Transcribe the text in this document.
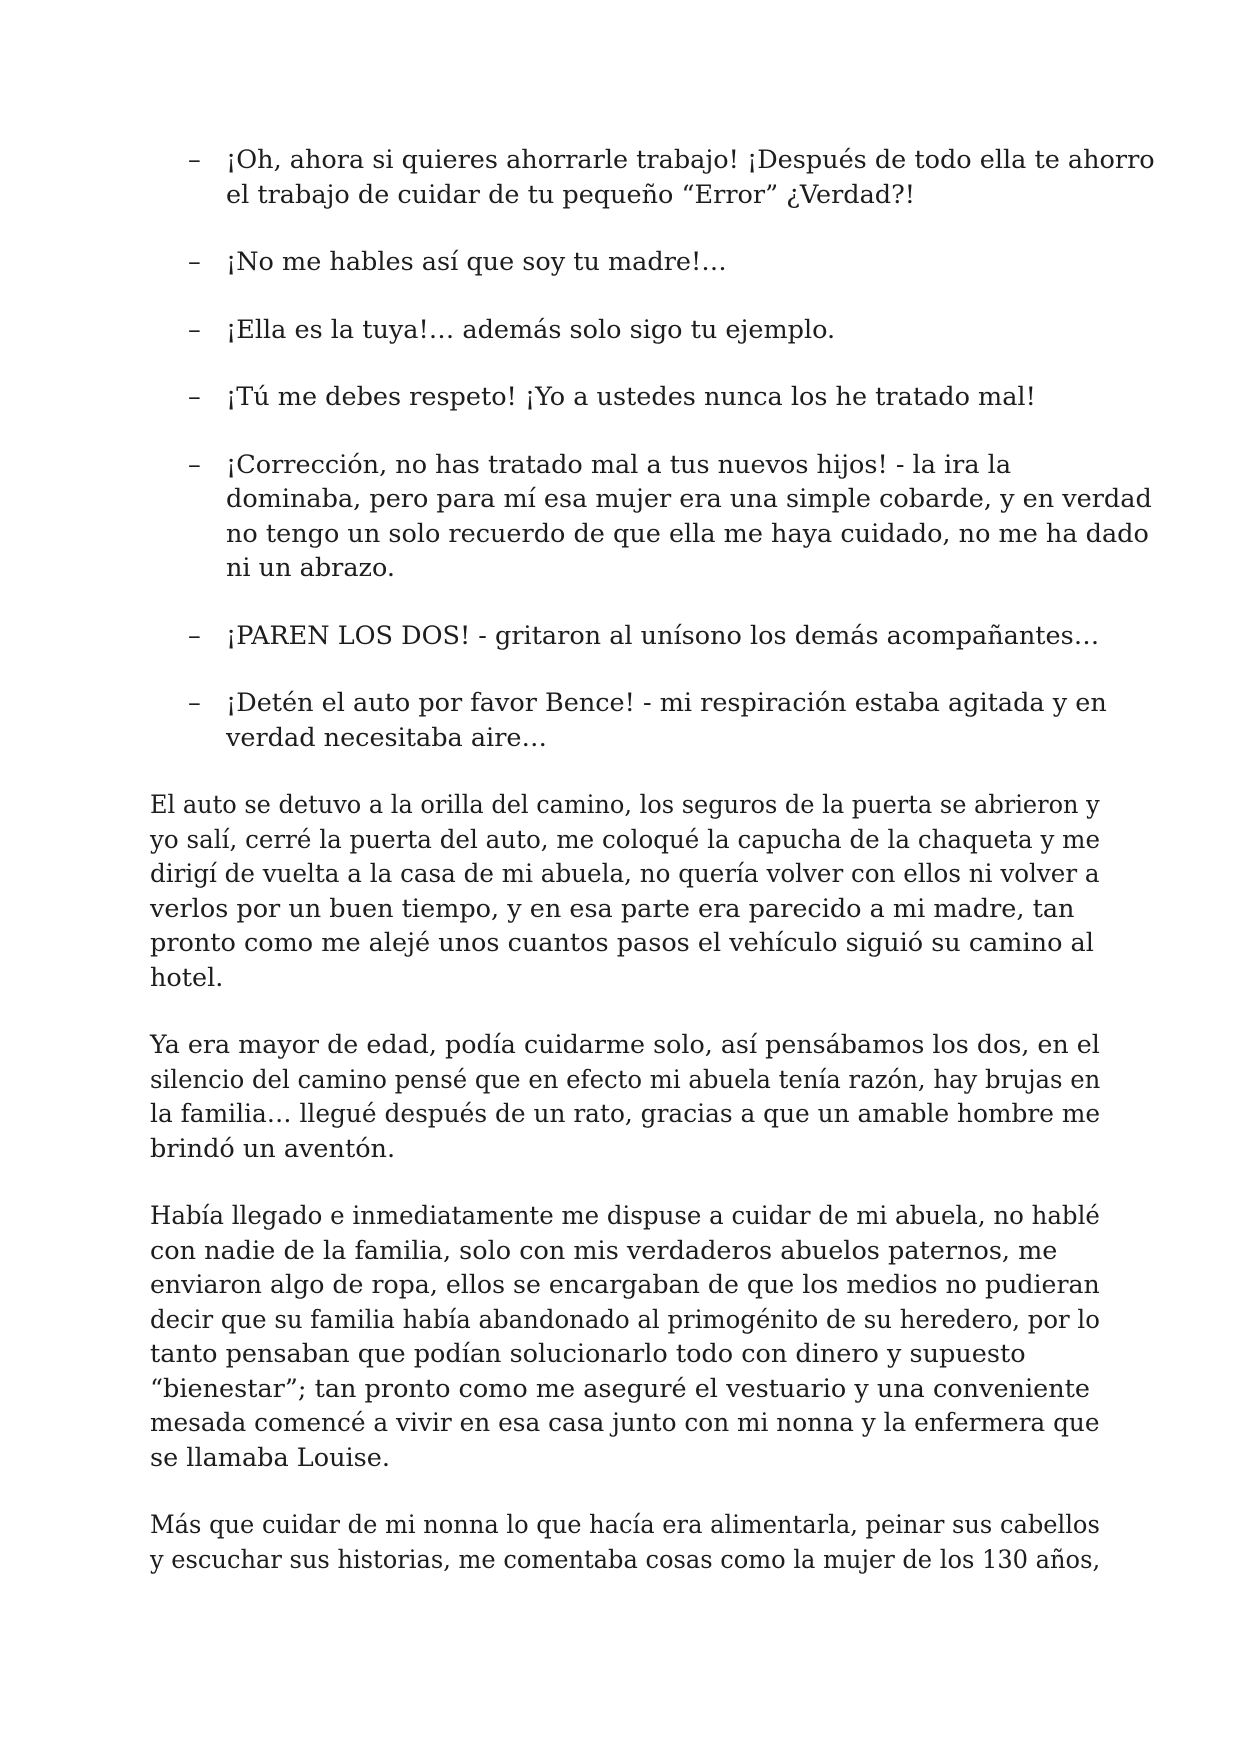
– ¡Oh, ahora si quieres ahorrarle trabajo! ¡Después de todo ella te ahorro
el trabajo de cuidar de tu pequeño “Error” ¿Verdad?!

– ¡No me hables así que soy tu madre!…

– ¡Ella es la tuya!… además solo sigo tu ejemplo.

– ¡Tú me debes respeto! ¡Yo a ustedes nunca los he tratado mal!

– ¡Corrección, no has tratado mal a tus nuevos hijos! - la ira la
dominaba, pero para mí esa mujer era una simple cobarde, y en verdad
no tengo un solo recuerdo de que ella me haya cuidado, no me ha dado
ni un abrazo.

– ¡PAREN LOS DOS! - gritaron al unísono los demás acompañantes…

– ¡Detén el auto por favor Bence! - mi respiración estaba agitada y en
verdad necesitaba aire…

El auto se detuvo a la orilla del camino, los seguros de la puerta se abrieron y
yo salí, cerré la puerta del auto, me coloqué la capucha de la chaqueta y me
dirigí de vuelta a la casa de mi abuela, no quería volver con ellos ni volver a
verlos por un buen tiempo, y en esa parte era parecido a mi madre, tan
pronto como me alejé unos cuantos pasos el vehículo siguió su camino al
hotel.

Ya era mayor de edad, podía cuidarme solo, así pensábamos los dos, en el
silencio del camino pensé que en efecto mi abuela tenía razón, hay brujas en
la familia… llegué después de un rato, gracias a que un amable hombre me
brindó un aventón.

Había llegado e inmediatamente me dispuse a cuidar de mi abuela, no hablé
con nadie de la familia, solo con mis verdaderos abuelos paternos, me
enviaron algo de ropa, ellos se encargaban de que los medios no pudieran
decir que su familia había abandonado al primogénito de su heredero, por lo
tanto pensaban que podían solucionarlo todo con dinero y supuesto
“bienestar”; tan pronto como me aseguré el vestuario y una conveniente
mesada comencé a vivir en esa casa junto con mi nonna y la enfermera que
se llamaba Louise.

Más que cuidar de mi nonna lo que hacía era alimentarla, peinar sus cabellos
y escuchar sus historias, me comentaba cosas como la mujer de los 130 años,
